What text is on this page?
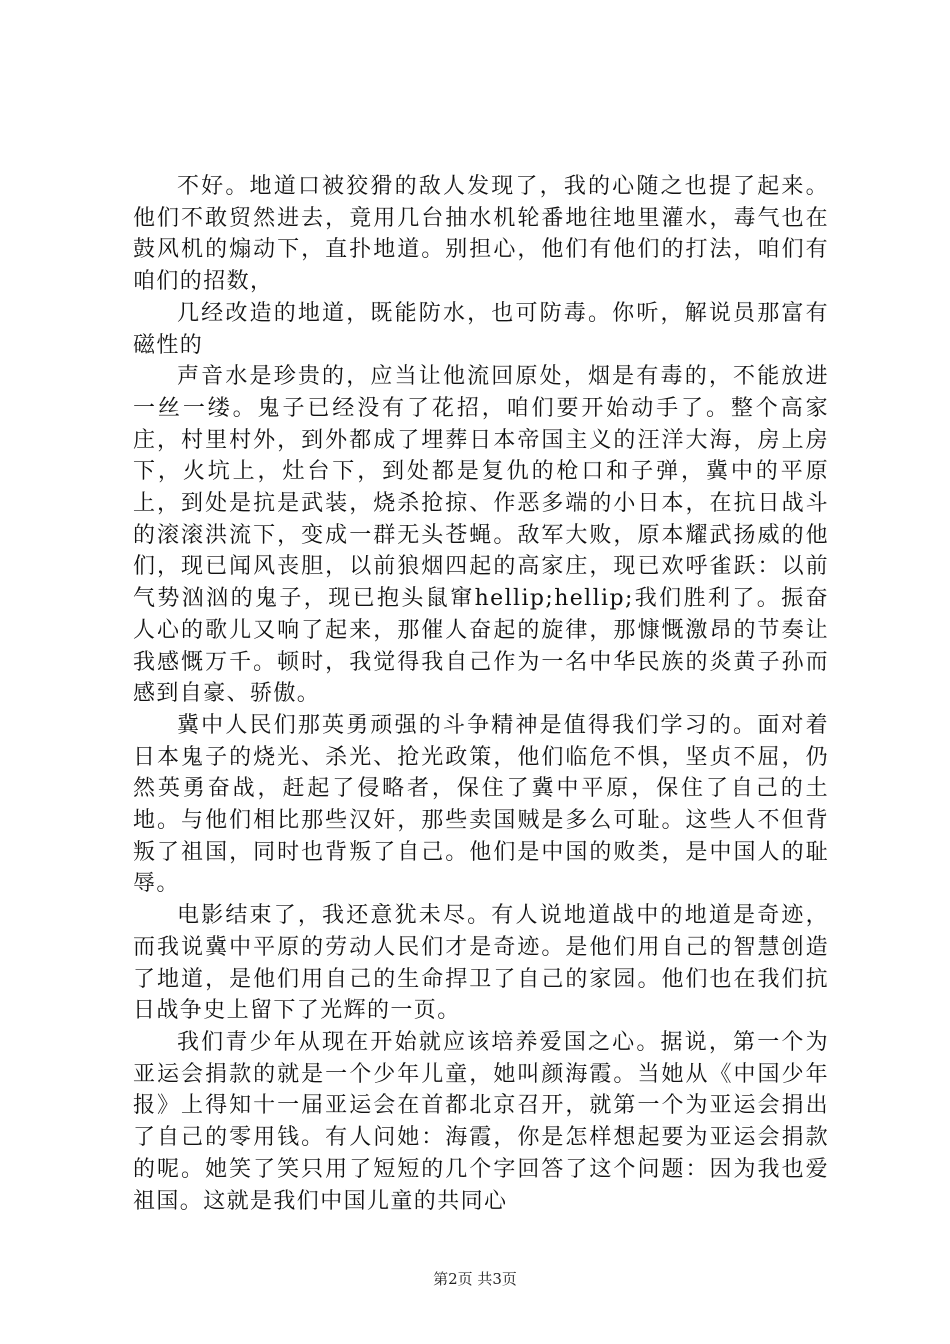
不好。地道口被狡猾的敌人发现了，我的心随之也提了起来。他们不敢贸然进去，竟用几台抽水机轮番地往地里灌水，毒气也在鼓风机的煽动下，直扑地道。别担心，他们有他们的打法，咱们有咱们的招数，

几经改造的地道，既能防水，也可防毒。你听，解说员那富有磁性的

声音水是珍贵的，应当让他流回原处，烟是有毒的，不能放进一丝一缕。鬼子已经没有了花招，咱们要开始动手了。整个高家庄，村里村外，到外都成了埋葬日本帝国主义的汪洋大海，房上房下，火坑上，灶台下，到处都是复仇的枪口和子弹，冀中的平原上，到处是抗是武装，烧杀抢掠、作恶多端的小日本，在抗日战斗的滚滚洪流下，变成一群无头苍蝇。敌军大败，原本耀武扬威的他们，现已闻风丧胆，以前狼烟四起的高家庄，现已欢呼雀跃：以前气势汹汹的鬼子，现已抱头鼠窜hellip;hellip;我们胜利了。振奋人心的歌儿又响了起来，那催人奋起的旋律，那慷慨激昂的节奏让我感慨万千。顿时，我觉得我自己作为一名中华民族的炎黄子孙而感到自豪、骄傲。

冀中人民们那英勇顽强的斗争精神是值得我们学习的。面对着日本鬼子的烧光、杀光、抢光政策，他们临危不惧，坚贞不屈，仍然英勇奋战，赶起了侵略者，保住了冀中平原，保住了自己的土地。与他们相比那些汉奸，那些卖国贼是多么可耻。这些人不但背叛了祖国，同时也背叛了自己。他们是中国的败类，是中国人的耻辱。

电影结束了，我还意犹未尽。有人说地道战中的地道是奇迹，而我说冀中平原的劳动人民们才是奇迹。是他们用自己的智慧创造了地道，是他们用自己的生命捍卫了自己的家园。他们也在我们抗日战争史上留下了光辉的一页。

我们青少年从现在开始就应该培养爱国之心。据说，第一个为亚运会捐款的就是一个少年儿童，她叫颜海霞。当她从《中国少年报》上得知十一届亚运会在首都北京召开，就第一个为亚运会捐出了自己的零用钱。有人问她：海霞，你是怎样想起要为亚运会捐款的呢。她笑了笑只用了短短的几个字回答了这个问题：因为我也爱祖国。这就是我们中国儿童的共同心

第2页 共3页
